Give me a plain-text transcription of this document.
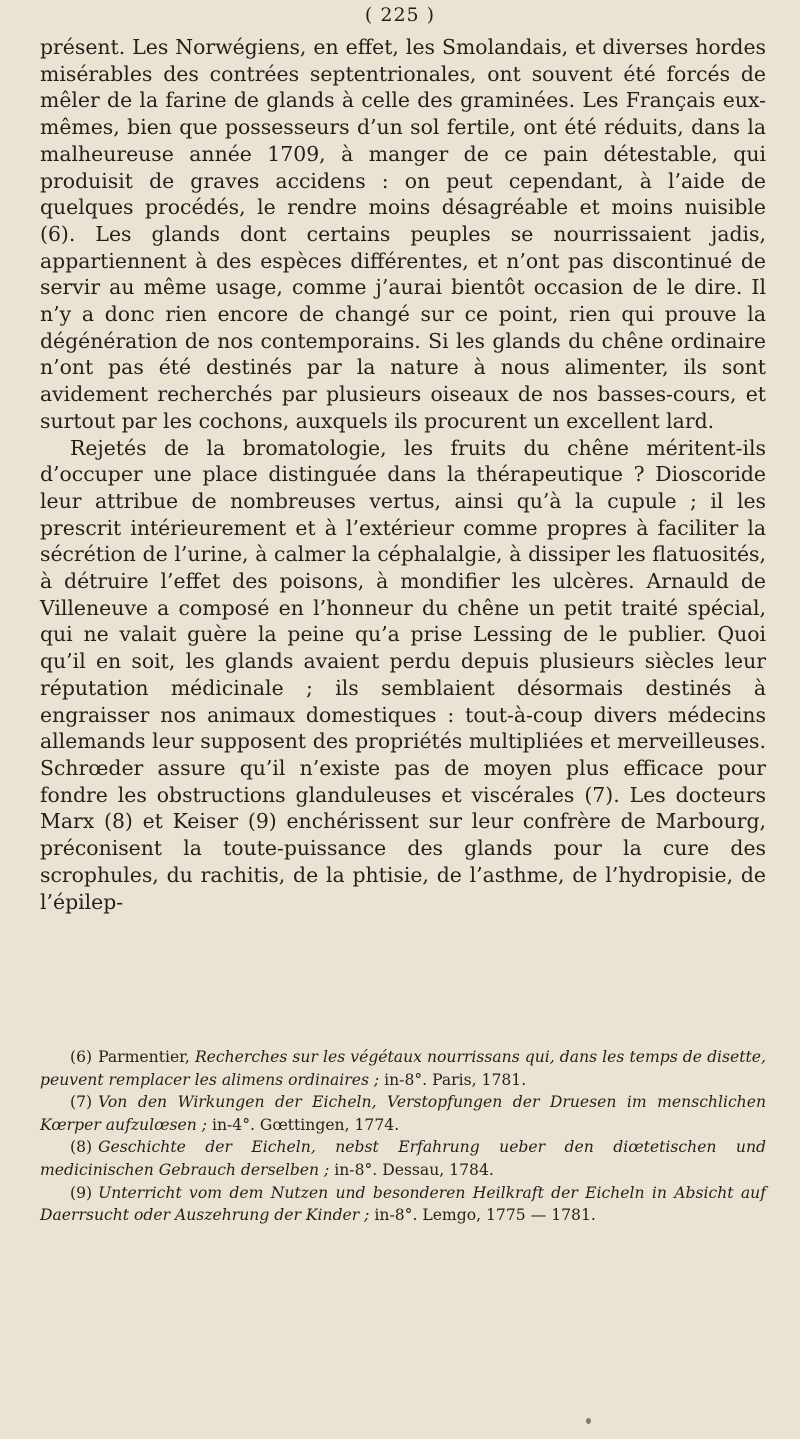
( 225 )

présent. Les Norwégiens, en effet, les Smolandais, et diverses hordes misérables des contrées septentrionales, ont souvent été forcés de mêler de la farine de glands à celle des graminées. Les Français eux-mêmes, bien que possesseurs d’un sol fertile, ont été réduits, dans la malheureuse année 1709, à manger de ce pain détestable, qui produisit de graves accidens : on peut cependant, à l’aide de quelques procédés, le rendre moins désagréable et moins nuisible (6). Les glands dont certains peuples se nourrissaient jadis, appartiennent à des espèces différentes, et n’ont pas discontinué de servir au même usage, comme j’aurai bientôt occasion de le dire. Il n’y a donc rien encore de changé sur ce point, rien qui prouve la dégénération de nos contemporains. Si les glands du chêne ordinaire n’ont pas été destinés par la nature à nous alimenter, ils sont avidement recherchés par plusieurs oiseaux de nos basses-cours, et surtout par les cochons, auxquels ils procurent un excellent lard.

Rejetés de la bromatologie, les fruits du chêne méritent-ils d’occuper une place distinguée dans la thérapeutique ? Dioscoride leur attribue de nombreuses vertus, ainsi qu’à la cupule ; il les prescrit intérieurement et à l’extérieur comme propres à faciliter la sécrétion de l’urine, à calmer la céphalalgie, à dissiper les flatuosités, à détruire l’effet des poisons, à mondifier les ulcères. Arnauld de Villeneuve a composé en l’honneur du chêne un petit traité spécial, qui ne valait guère la peine qu’a prise Lessing de le publier. Quoi qu’il en soit, les glands avaient perdu depuis plusieurs siècles leur réputation médicinale ; ils semblaient désormais destinés à engraisser nos animaux domestiques : tout-à-coup divers médecins allemands leur supposent des propriétés multipliées et merveilleuses. Schrœder assure qu’il n’existe pas de moyen plus efficace pour fondre les obstructions glanduleuses et viscérales (7). Les docteurs Marx (8) et Keiser (9) enchérissent sur leur confrère de Marbourg, préconisent la toute-puissance des glands pour la cure des scrophules, du rachitis, de la phtisie, de l’asthme, de l’hydropisie, de l’épilep-

(6) Parmentier, Recherches sur les végétaux nourrissans qui, dans les temps de disette, peuvent remplacer les alimens ordinaires ; in-8°. Paris, 1781.

(7) Von den Wirkungen der Eicheln, Verstopfungen der Druesen im menschlichen Kœrper aufzulœsen ; in-4°. Gœttingen, 1774.

(8) Geschichte der Eicheln, nebst Erfahrung ueber den diœtetischen und medicinischen Gebrauch derselben ; in-8°. Dessau, 1784.

(9) Unterricht vom dem Nutzen und besonderen Heilkraft der Eicheln in Absicht auf Daerrsucht oder Auszehrung der Kinder ; in-8°. Lemgo, 1775 — 1781.
